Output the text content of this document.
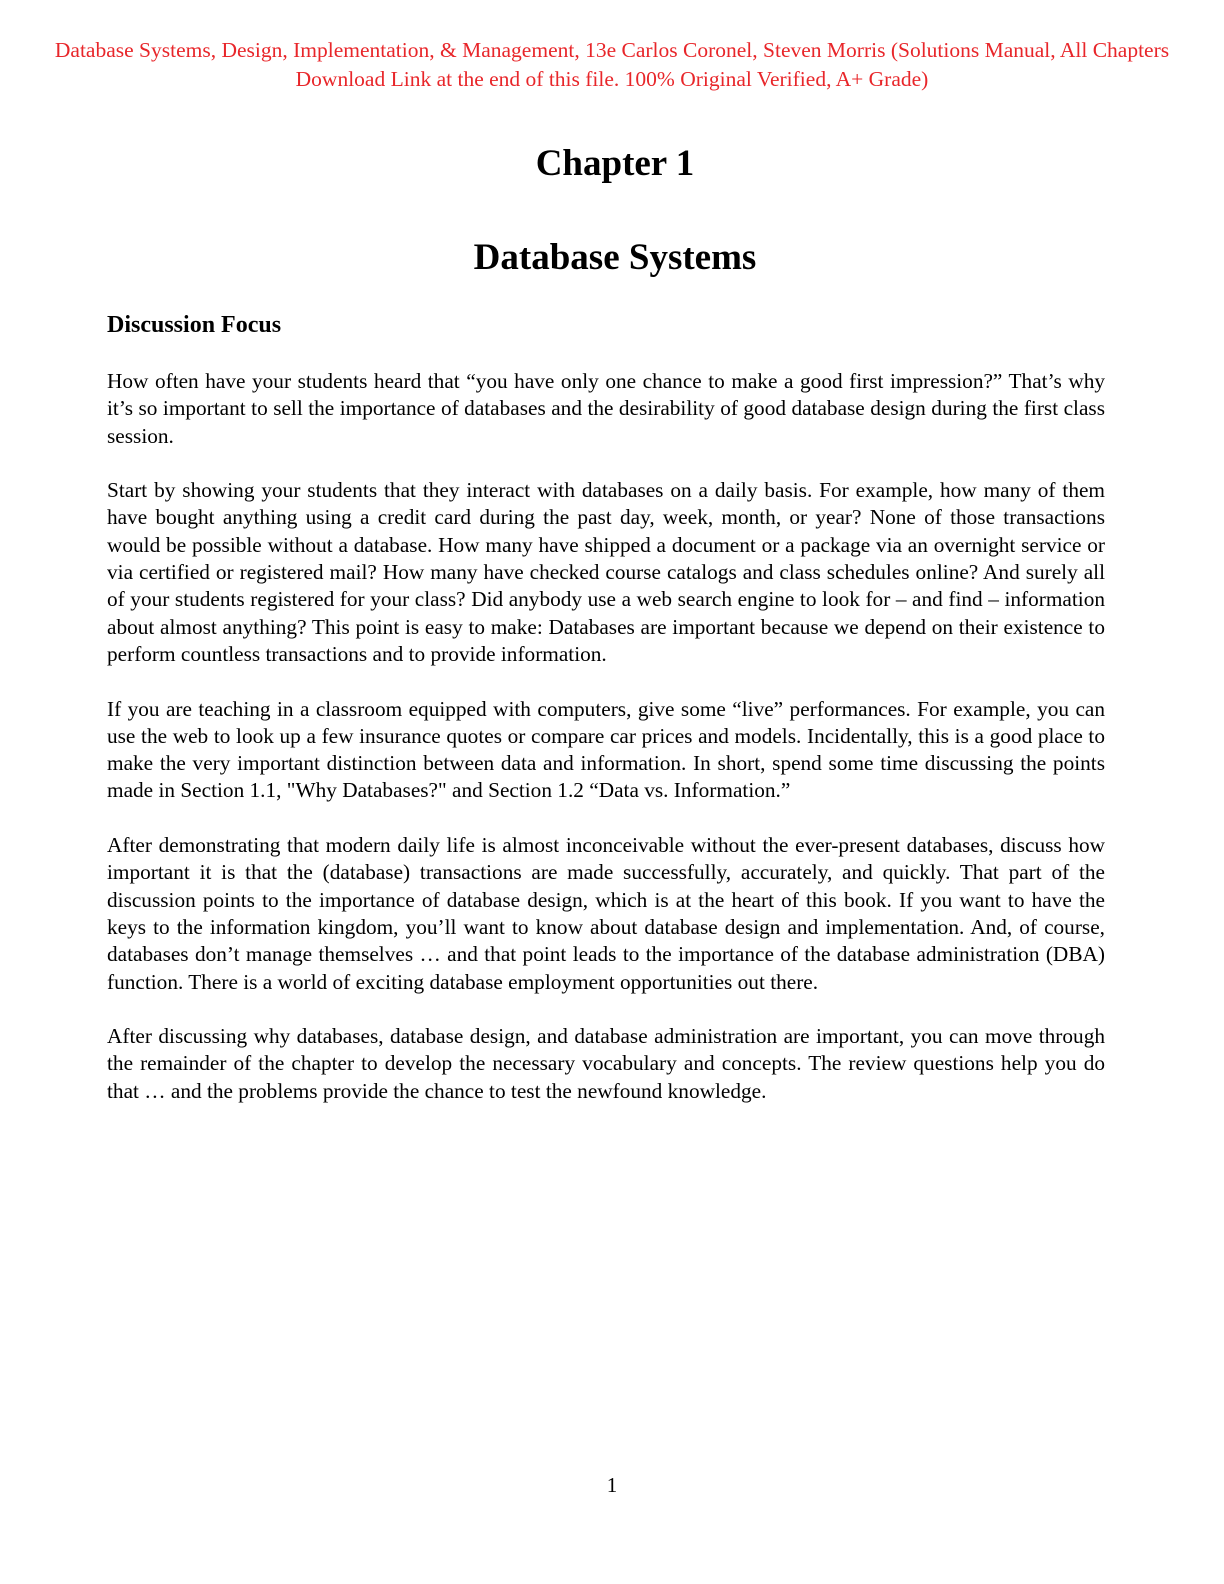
Database Systems, Design, Implementation, & Management, 13e Carlos Coronel, Steven Morris (Solutions Manual, All Chapters Download Link at the end of this file. 100% Original Verified, A+ Grade)
Chapter 1
Database Systems
Discussion Focus

How often have your students heard that “you have only one chance to make a good first impression?” That’s why it’s so important to sell the importance of databases and the desirability of good database design during the first class session.

Start by showing your students that they interact with databases on a daily basis. For example, how many of them have bought anything using a credit card during the past day, week, month, or year? None of those transactions would be possible without a database. How many have shipped a document or a package via an overnight service or via certified or registered mail? How many have checked course catalogs and class schedules online? And surely all of your students registered for your class? Did anybody use a web search engine to look for – and find – information about almost anything? This point is easy to make: Databases are important because we depend on their existence to perform countless transactions and to provide information.

If you are teaching in a classroom equipped with computers, give some “live” performances. For example, you can use the web to look up a few insurance quotes or compare car prices and models. Incidentally, this is a good place to make the very important distinction between data and information. In short, spend some time discussing the points made in Section 1.1, "Why Databases?" and Section 1.2 “Data vs. Information.”

After demonstrating that modern daily life is almost inconceivable without the ever-present databases, discuss how important it is that the (database) transactions are made successfully, accurately, and quickly. That part of the discussion points to the importance of database design, which is at the heart of this book. If you want to have the keys to the information kingdom, you’ll want to know about database design and implementation. And, of course, databases don’t manage themselves … and that point leads to the importance of the database administration (DBA) function. There is a world of exciting database employment opportunities out there.

After discussing why databases, database design, and database administration are important, you can move through the remainder of the chapter to develop the necessary vocabulary and concepts. The review questions help you do that … and the problems provide the chance to test the newfound knowledge.

1
